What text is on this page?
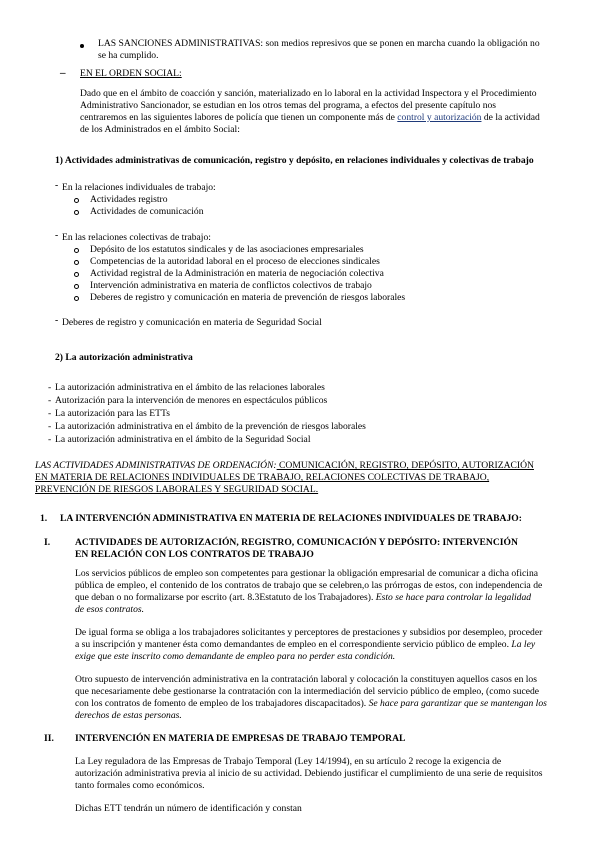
LAS SANCIONES ADMINISTRATIVAS: son medios represivos que se ponen en marcha cuando la obligación no
se ha cumplido.
– EN EL ORDEN SOCIAL:
Dado que en el ámbito de coacción y sanción, materializado en lo laboral en la actividad Inspectora y el Procedimiento
Administrativo Sancionador, se estudian en los otros temas del programa, a efectos del presente capítulo nos
centraremos en las siguientes labores de policía que tienen un componente más de control y autorización de la actividad
de los Administrados en el ámbito Social:
1) Actividades administrativas de comunicación, registro y depósito, en relaciones individuales y colectivas de trabajo
- En la relaciones individuales de trabajo:
Actividades registro
Actividades de comunicación
- En las relaciones colectivas de trabajo:
Depósito de los estatutos sindicales y de las asociaciones empresariales
Competencias de la autoridad laboral en el proceso de elecciones sindicales
Actividad registral de la Administración en materia de negociación colectiva
Intervención administrativa en materia de conflictos colectivos de trabajo
Deberes de registro y comunicación en materia de prevención de riesgos laborales
- Deberes de registro y comunicación en materia de Seguridad Social
2) La autorización administrativa
- La autorización administrativa en el ámbito de las relaciones laborales
- Autorización para la intervención de menores en espectáculos públicos
- La autorización para las ETTs
- La autorización administrativa en el ámbito de la prevención de riesgos laborales
- La autorización administrativa en el ámbito de la Seguridad Social
LAS ACTIVIDADES ADMINISTRATIVAS DE ORDENACIÓN: COMUNICACIÓN, REGISTRO, DEPÓSITO, AUTORIZACIÓN
EN MATERIA DE RELACIONES INDIVIDUALES DE TRABAJO, RELACIONES COLECTIVAS DE TRABAJO,
PREVENCIÓN DE RIESGOS LABORALES Y SEGURIDAD SOCIAL.
1. LA INTERVENCIÓN ADMINISTRATIVA EN MATERIA DE RELACIONES INDIVIDUALES DE TRABAJO:
I.	ACTIVIDADES DE AUTORIZACIÓN, REGISTRO, COMUNICACIÓN Y DEPÓSITO: INTERVENCIÓN
EN RELACIÓN CON LOS CONTRATOS DE TRABAJO
Los servicios públicos de empleo son competentes para gestionar la obligación empresarial de comunicar a dicha oficina
pública de empleo, el contenido de los contratos de trabajo que se celebren,o las prórrogas de estos, con independencia de
que deban o no formalizarse por escrito (art. 8.3Estatuto de los Trabajadores). Esto se hace para controlar la legalidad
de esos contratos.
De igual forma se obliga a los trabajadores solicitantes y perceptores de prestaciones y subsidios por desempleo, proceder
a su inscripción y mantener ésta como demandantes de empleo en el correspondiente servicio público de empleo. La ley
exige que este inscrito como demandante de empleo para no perder esta condición.
Otro supuesto de intervención administrativa en la contratación laboral y colocación la constituyen aquellos casos en los
que necesariamente debe gestionarse la contratación con la intermediación del servicio público de empleo, (como sucede
con los contratos de fomento de empleo de los trabajadores discapacitados). Se hace para garantizar que se mantengan los
derechos de estas personas.
II. INTERVENCIÓN EN MATERIA DE EMPRESAS DE TRABAJO TEMPORAL
La Ley reguladora de las Empresas de Trabajo Temporal (Ley 14/1994), en su artículo 2 recoge la exigencia de
autorización administrativa previa al inicio de su actividad. Debiendo justificar el cumplimiento de una serie de requisitos
tanto formales como económicos.
Dichas ETT tendrán un número de identificación y constan
